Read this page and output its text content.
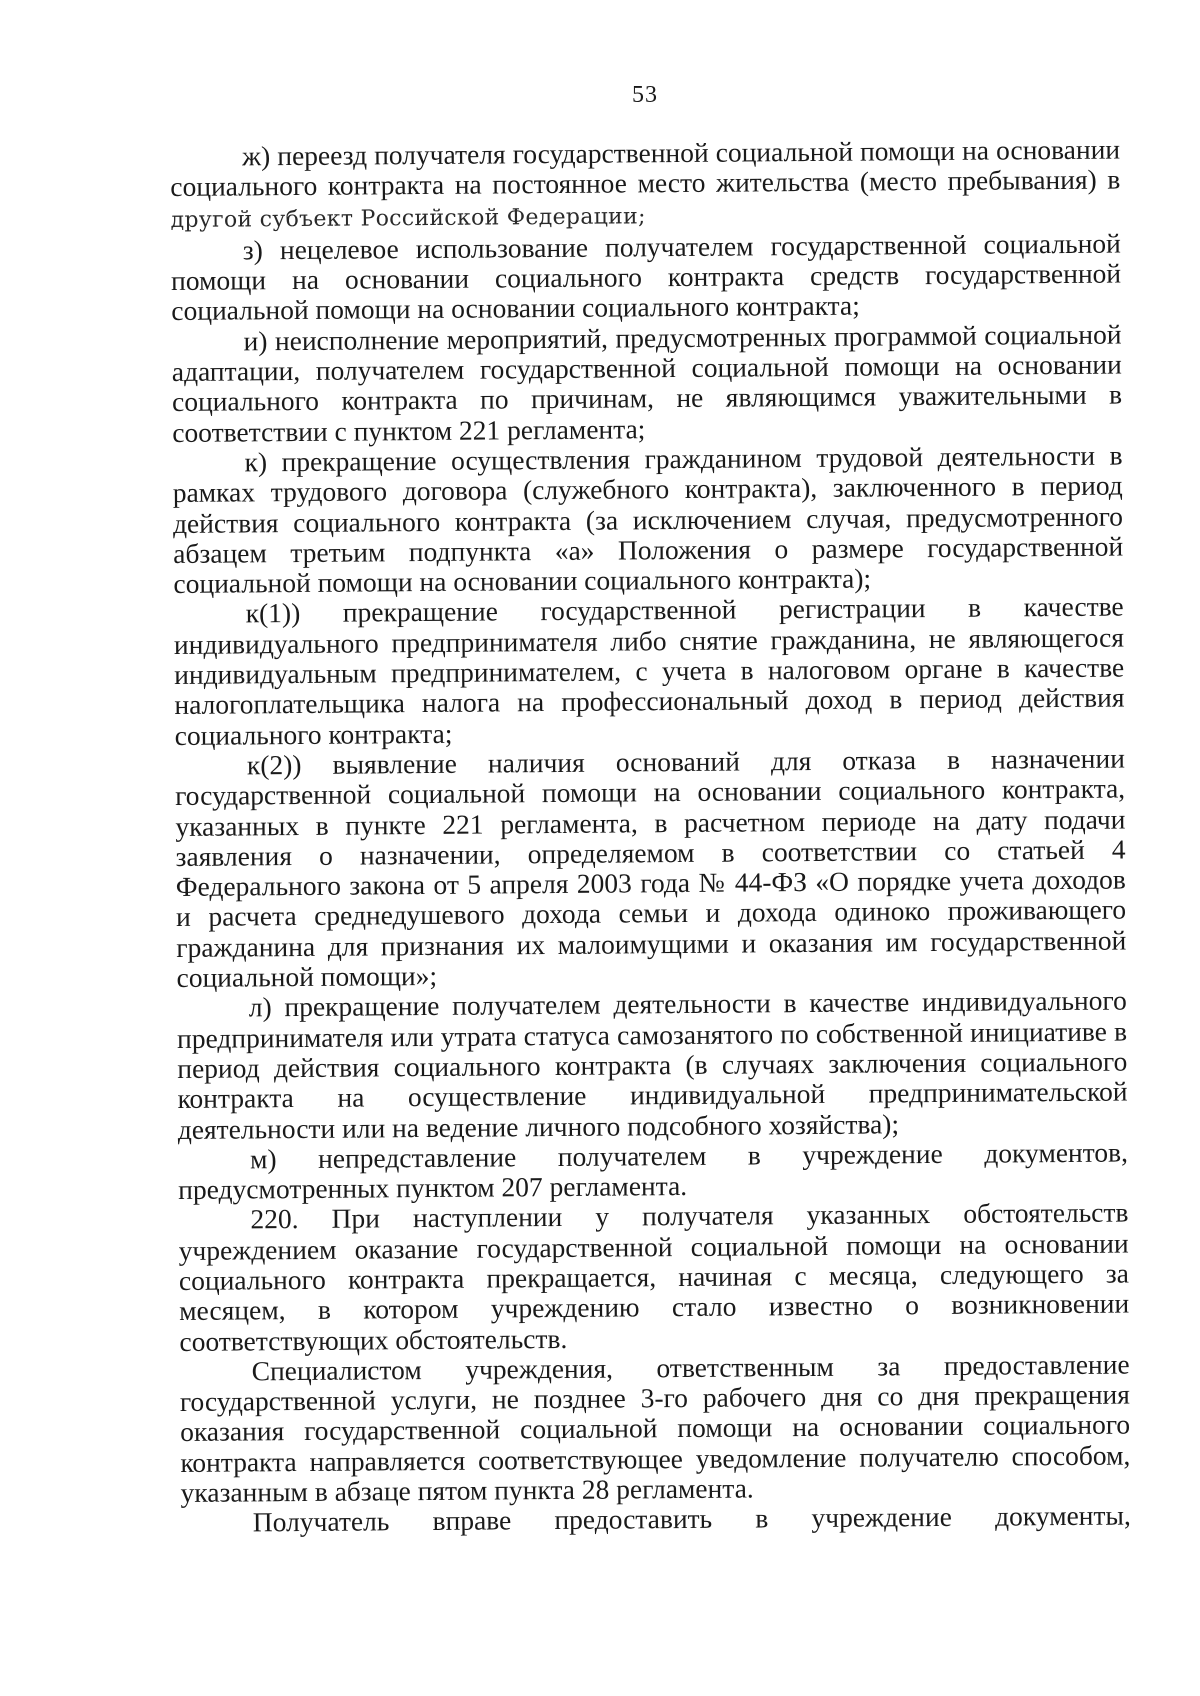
53

ж) переезд получателя государственной социальной помощи на основании социального контракта на постоянное место жительства (место пребывания) в другой субъект Российской Федерации;

з) нецелевое использование получателем государственной социальной помощи на основании социального контракта средств государственной социальной помощи на основании социального контракта;

и) неисполнение мероприятий, предусмотренных программой социальной адаптации, получателем государственной социальной помощи на основании социального контракта по причинам, не являющимся уважительными в соответствии с пунктом 221 регламента;

к) прекращение осуществления гражданином трудовой деятельности в рамках трудового договора (служебного контракта), заключенного в период действия социального контракта (за исключением случая, предусмотренного абзацем третьим подпункта «а» Положения о размере государственной социальной помощи на основании социального контракта);

к(1)) прекращение государственной регистрации в качестве индивидуального предпринимателя либо снятие гражданина, не являющегося индивидуальным предпринимателем, с учета в налоговом органе в качестве налогоплательщика налога на профессиональный доход в период действия социального контракта;

к(2)) выявление наличия оснований для отказа в назначении государственной социальной помощи на основании социального контракта, указанных в пункте 221 регламента, в расчетном периоде на дату подачи заявления о назначении, определяемом в соответствии со статьей 4 Федерального закона от 5 апреля 2003 года № 44-ФЗ «О порядке учета доходов и расчета среднедушевого дохода семьи и дохода одиноко проживающего гражданина для признания их малоимущими и оказания им государственной социальной помощи»;

л) прекращение получателем деятельности в качестве индивидуального предпринимателя или утрата статуса самозанятого по собственной инициативе в период действия социального контракта (в случаях заключения социального контракта на осуществление индивидуальной предпринимательской деятельности или на ведение личного подсобного хозяйства);

м) непредставление получателем в учреждение документов, предусмотренных пунктом 207 регламента.

220. При наступлении у получателя указанных обстоятельств учреждением оказание государственной социальной помощи на основании социального контракта прекращается, начиная с месяца, следующего за месяцем, в котором учреждению стало известно о возникновении соответствующих обстоятельств.

Специалистом учреждения, ответственным за предоставление государственной услуги, не позднее 3-го рабочего дня со дня прекращения оказания государственной социальной помощи на основании социального контракта направляется соответствующее уведомление получателю способом, указанным в абзаце пятом пункта 28 регламента.

Получатель вправе предоставить в учреждение документы,
